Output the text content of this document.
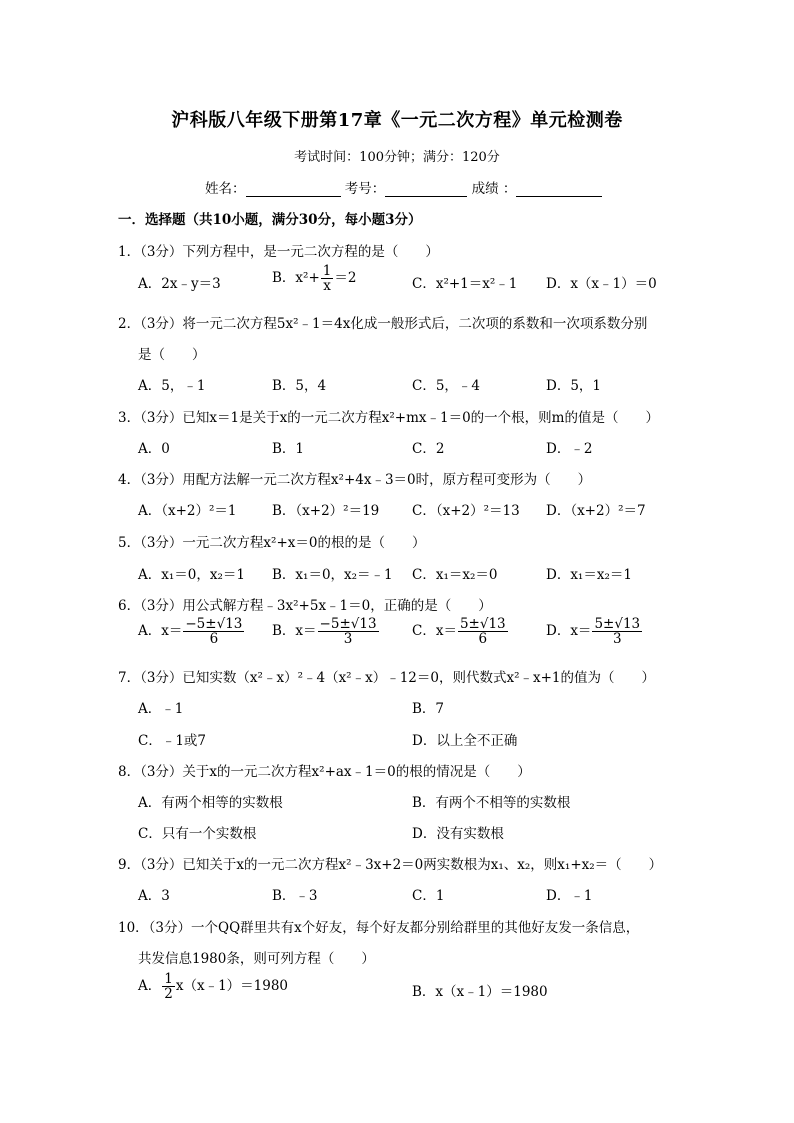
沪科版八年级下册第17章《一元二次方程》单元检测卷
考试时间：100分钟；满分：120分
姓名：	考号：	成绩 ：
一．选择题（共10小题，满分30分，每小题3分）
1．（3分）下列方程中，是一元二次方程的是（　　）
A．2x﹣y＝3	B．$x^2+ \frac{1}{x} =2$	C．x²+1＝x²﹣1 D．x（x﹣1）＝0
2．（3分）将一元二次方程5x²﹣1＝4x化成一般形式后，二次项的系数和一次项系数分别
是（　　）
A．5，﹣1	B．5，4	C．5，﹣4	D．5，1
3．（3分）已知x＝1是关于x的一元二次方程x²+mx﹣1＝0的一个根，则m的值是（　　）
A．0	B．1	C．2	D．﹣2
4．（3分）用配方法解一元二次方程x²+4x﹣3＝0时，原方程可变形为（　　）
A．（x+2）²＝1	B．（x+2）²＝19 C．（x+2）²＝13 D．（x+2）²＝7
5．（3分）一元二次方程x²+x＝0的根的是（　　）
A．x₁＝0，x₂＝1 B．x₁＝0，x₂＝﹣1 C．x₁＝x₂＝0	D．x₁＝x₂＝1
6．（3分）用公式解方程﹣3x²+5x﹣1＝0，正确的是（　　）
A．$x= \frac{-5\pm√13}{6}$ B．$x= \frac{-5\pm√13}{3}$ C．$x= \frac{5\pm√13}{6}$	D．$x= \frac{5\pm√13}{3}$
7．（3分）已知实数（x²﹣x）²﹣4（x²﹣x）﹣12＝0，则代数式x²﹣x+1的值为（　　）
A．﹣1	B．7
C．﹣1或7	D．以上全不正确
8．（3分）关于x的一元二次方程x²+ax﹣1＝0的根的情况是（　　）
A．有两个相等的实数根	B．有两个不相等的实数根
C．只有一个实数根	D．没有实数根
9．（3分）已知关于x的一元二次方程x²﹣3x+2＝0两实数根为x₁、x₂，则x₁+x₂＝（　　）
A．3	B．﹣3	C．1	D．﹣1
10．（3分）一个QQ群里共有x个好友，每个好友都分别给群里的其他好友发一条信息，
共发信息1980条，则可列方程（　　）
A． $\frac{1}{2}$ x（x﹣1）＝1980	B．x（x﹣1）＝1980
